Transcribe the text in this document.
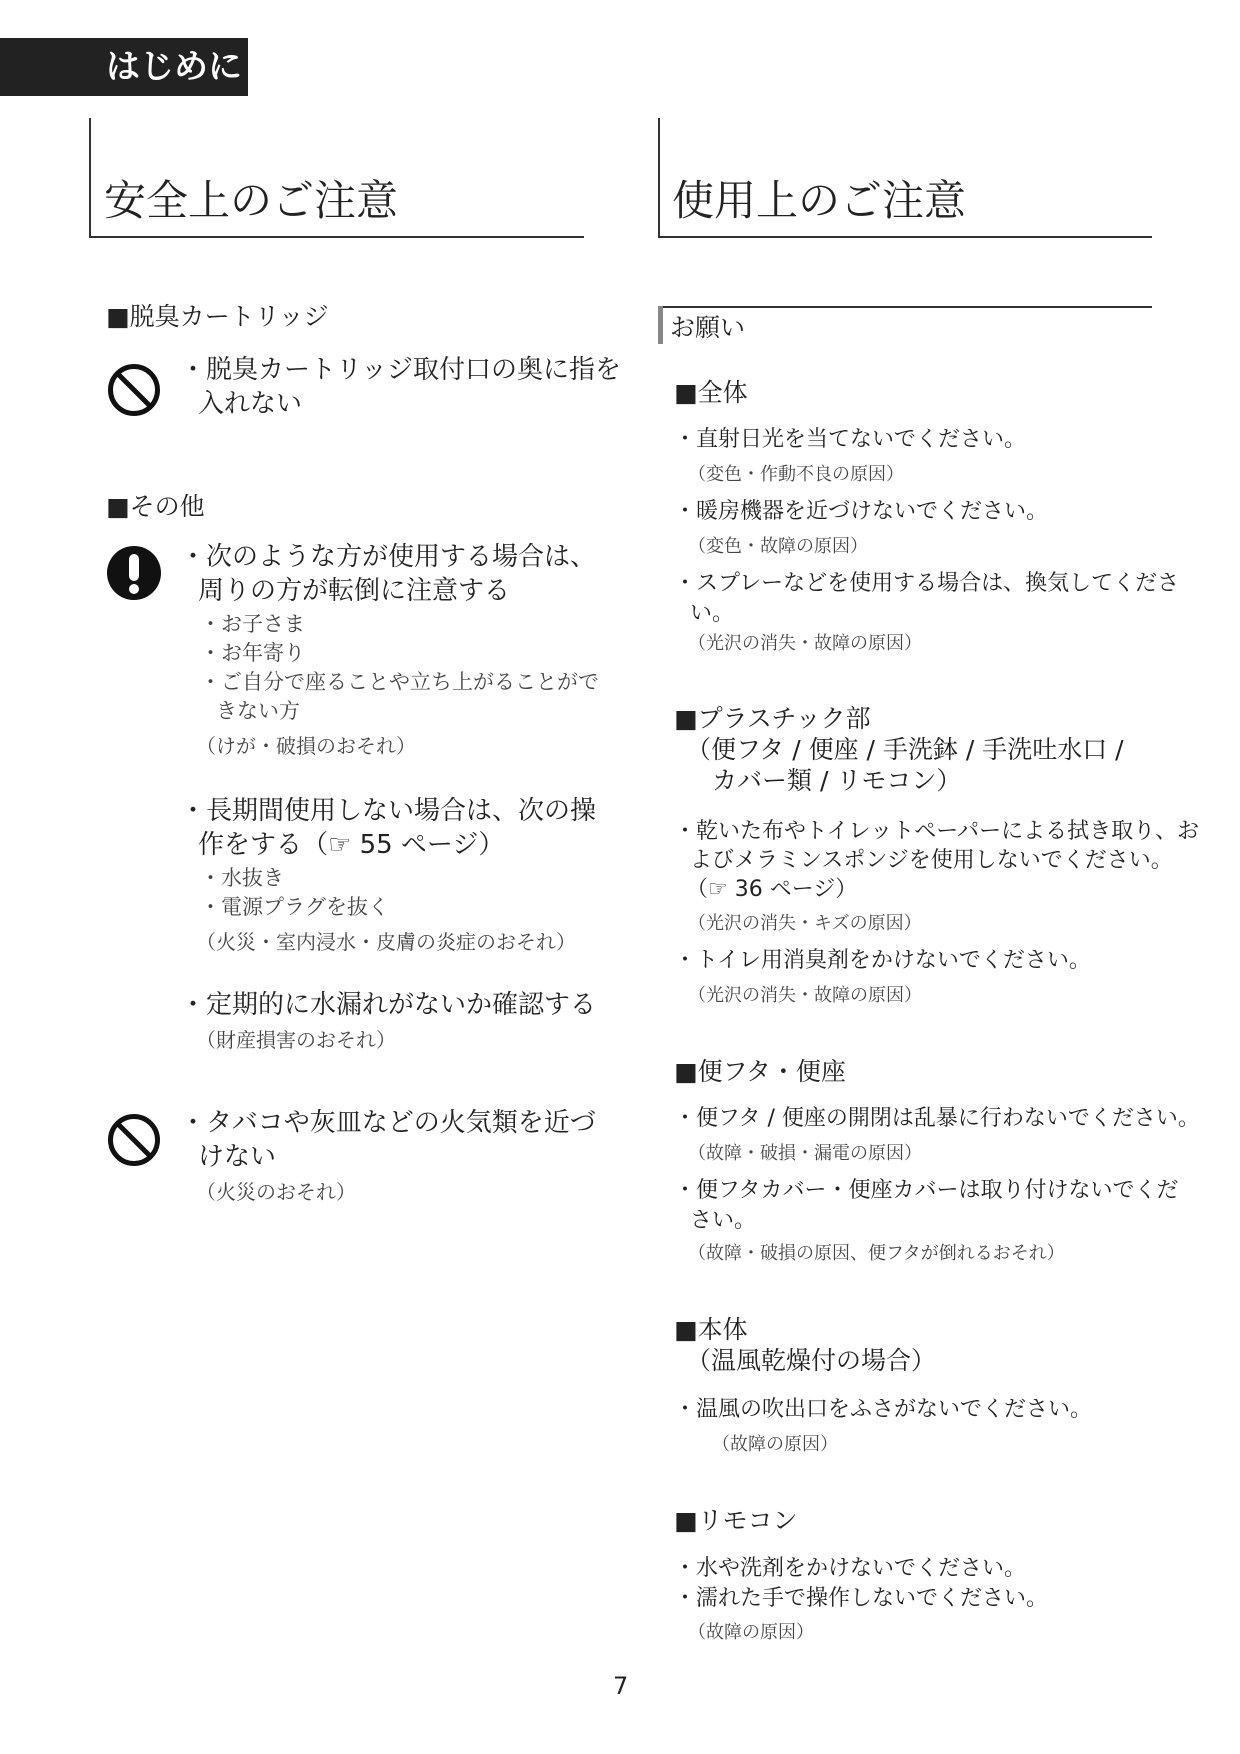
はじめに
安全上のご注意
■脱臭カートリッジ
・脱臭カートリッジ取付口の奥に指を
入れない
■その他
・次のような方が使用する場合は、
周りの方が転倒に注意する
・お子さま
・お年寄り
・ご自分で座ることや立ち上がることがで
きない方
（けが・破損のおそれ）
・長期間使用しない場合は、次の操
作をする（☞ 55 ページ）
・水抜き
・電源プラグを抜く
（火災・室内浸水・皮膚の炎症のおそれ）
・定期的に水漏れがないか確認する
（財産損害のおそれ）
・タバコや灰皿などの火気類を近づ
けない
（火災のおそれ）
使用上のご注意
お願い
■全体
・直射日光を当てないでください。
（変色・作動不良の原因）
・暖房機器を近づけないでください。
（変色・故障の原因）
・スプレーなどを使用する場合は、換気してくださ
い。
（光沢の消失・故障の原因）
■プラスチック部
（便フタ / 便座 / 手洗鉢 / 手洗吐水口 /
カバー類 / リモコン）
・乾いた布やトイレットペーパーによる拭き取り、お
よびメラミンスポンジを使用しないでください。
（☞ 36 ページ）
（光沢の消失・キズの原因）
・トイレ用消臭剤をかけないでください。
（光沢の消失・故障の原因）
■便フタ・便座
・便フタ / 便座の開閉は乱暴に行わないでください。
（故障・破損・漏電の原因）
・便フタカバー・便座カバーは取り付けないでくだ
さい。
（故障・破損の原因、便フタが倒れるおそれ）
■本体
（温風乾燥付の場合）
・温風の吹出口をふさがないでください。
（故障の原因）
■リモコン
・水や洗剤をかけないでください。
・濡れた手で操作しないでください。
（故障の原因）
7
